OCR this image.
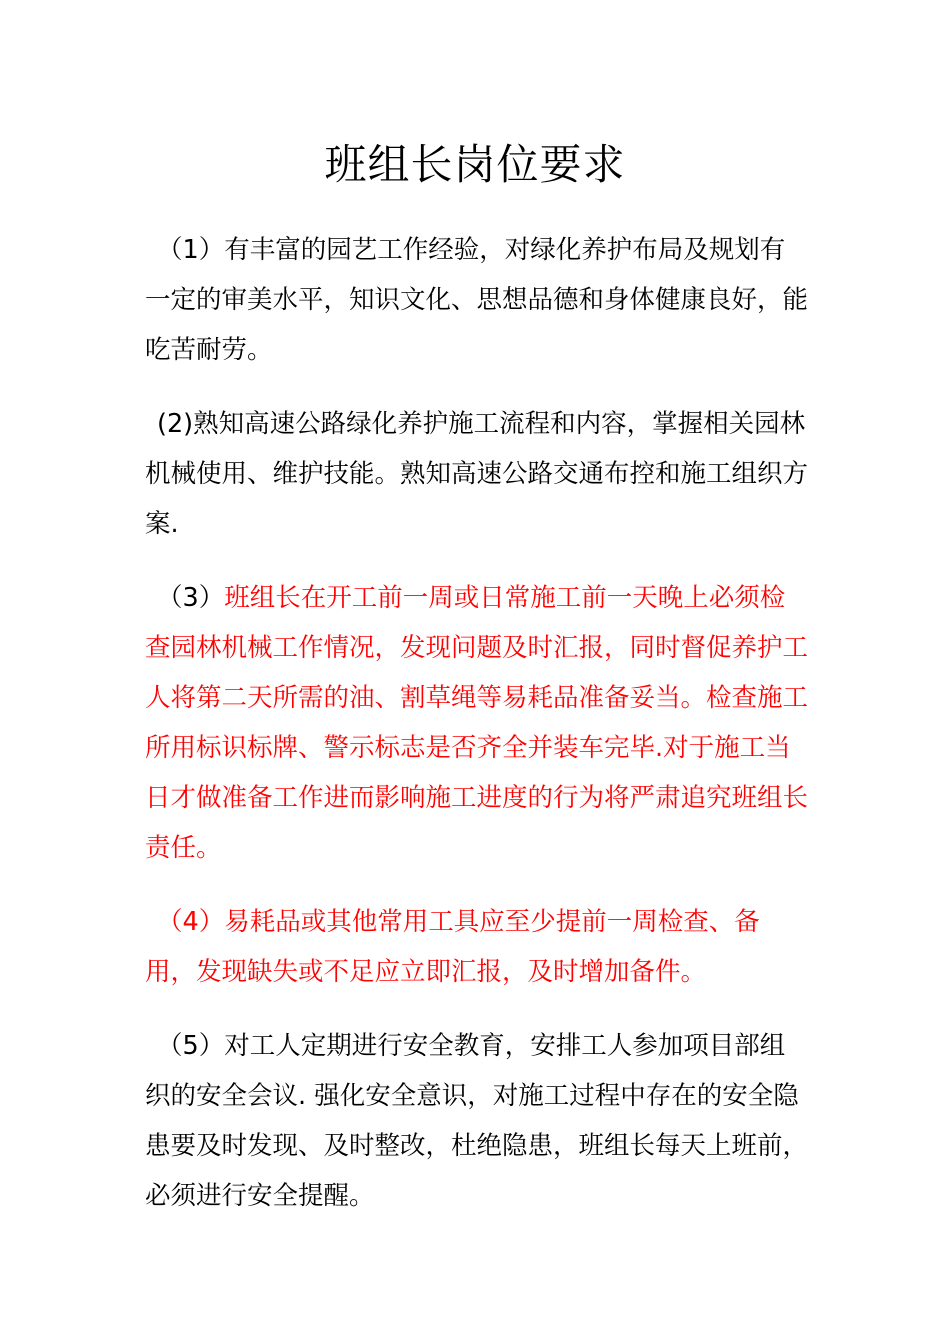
班组长岗位要求

（1）有丰富的园艺工作经验，对绿化养护布局及规划有一定的审美水平，知识文化、思想品德和身体健康良好，能吃苦耐劳。

(2)熟知高速公路绿化养护施工流程和内容，掌握相关园林机械使用、维护技能。熟知高速公路交通布控和施工组织方案.

（3）班组长在开工前一周或日常施工前一天晚上必须检查园林机械工作情况，发现问题及时汇报，同时督促养护工人将第二天所需的油、割草绳等易耗品准备妥当。检查施工所用标识标牌、警示标志是否齐全并装车完毕.对于施工当日才做准备工作进而影响施工进度的行为将严肃追究班组长责任。

（4）易耗品或其他常用工具应至少提前一周检查、备用，发现缺失或不足应立即汇报，及时增加备件。

（5）对工人定期进行安全教育，安排工人参加项目部组织的安全会议. 强化安全意识，对施工过程中存在的安全隐患要及时发现、及时整改，杜绝隐患，班组长每天上班前，必须进行安全提醒。
